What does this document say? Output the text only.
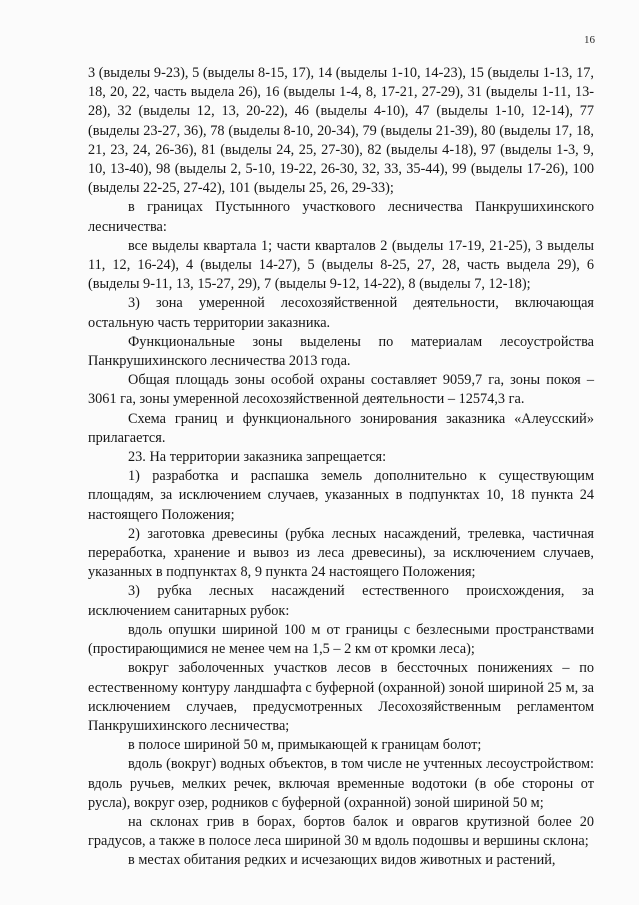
16

3 (выделы 9-23), 5 (выделы 8-15, 17), 14 (выделы 1-10, 14-23), 15 (выделы 1-13, 17, 18, 20, 22, часть выдела 26), 16 (выделы 1-4, 8, 17-21, 27-29), 31 (выделы 1-11, 13-28), 32 (выделы 12, 13, 20-22), 46 (выделы 4-10), 47 (выделы 1-10, 12-14), 77 (выделы 23-27, 36), 78 (выделы 8-10, 20-34), 79 (выделы 21-39), 80 (выделы 17, 18, 21, 23, 24, 26-36), 81 (выделы 24, 25, 27-30), 82 (выделы 4-18), 97 (выделы 1-3, 9, 10, 13-40), 98 (выделы 2, 5-10, 19-22, 26-30, 32, 33, 35-44), 99 (выделы 17-26), 100 (выделы 22-25, 27-42), 101 (выделы 25, 26, 29-33);

в границах Пустынного участкового лесничества Панкрушихинского лесничества:

все выделы квартала 1; части кварталов 2 (выделы 17-19, 21-25), 3 выделы 11, 12, 16-24), 4 (выделы 14-27), 5 (выделы 8-25, 27, 28, часть выдела 29), 6 (выделы 9-11, 13, 15-27, 29), 7 (выделы 9-12, 14-22), 8 (выделы 7, 12-18);

3) зона умеренной лесохозяйственной деятельности, включающая остальную часть территории заказника.

Функциональные зоны выделены по материалам лесоустройства Панкрушихинского лесничества 2013 года.

Общая площадь зоны особой охраны составляет 9059,7 га, зоны покоя – 3061 га, зоны умеренной лесохозяйственной деятельности – 12574,3 га.

Схема границ и функционального зонирования заказника «Алеусский» прилагается.

23. На территории заказника запрещается:

1) разработка и распашка земель дополнительно к существующим площадям, за исключением случаев, указанных в подпунктах 10, 18 пункта 24 настоящего Положения;

2) заготовка древесины (рубка лесных насаждений, трелевка, частичная переработка, хранение и вывоз из леса древесины), за исключением случаев, указанных в подпунктах 8, 9 пункта 24 настоящего Положения;

3) рубка лесных насаждений естественного происхождения, за исключением санитарных рубок:

вдоль опушки шириной 100 м от границы с безлесными пространствами (простирающимися не менее чем на 1,5 – 2 км от кромки леса);

вокруг заболоченных участков лесов в бессточных понижениях – по естественному контуру ландшафта с буферной (охранной) зоной шириной 25 м, за исключением случаев, предусмотренных Лесохозяйственным регламентом Панкрушихинского лесничества;

в полосе шириной 50 м, примыкающей к границам болот;

вдоль (вокруг) водных объектов, в том числе не учтенных лесоустройством: вдоль ручьев, мелких речек, включая временные водотоки (в обе стороны от русла), вокруг озер, родников с буферной (охранной) зоной шириной 50 м;

на склонах грив в борах, бортов балок и оврагов крутизной более 20 градусов, а также в полосе леса шириной 30 м вдоль подошвы и вершины склона;

в местах обитания редких и исчезающих видов животных и растений,
